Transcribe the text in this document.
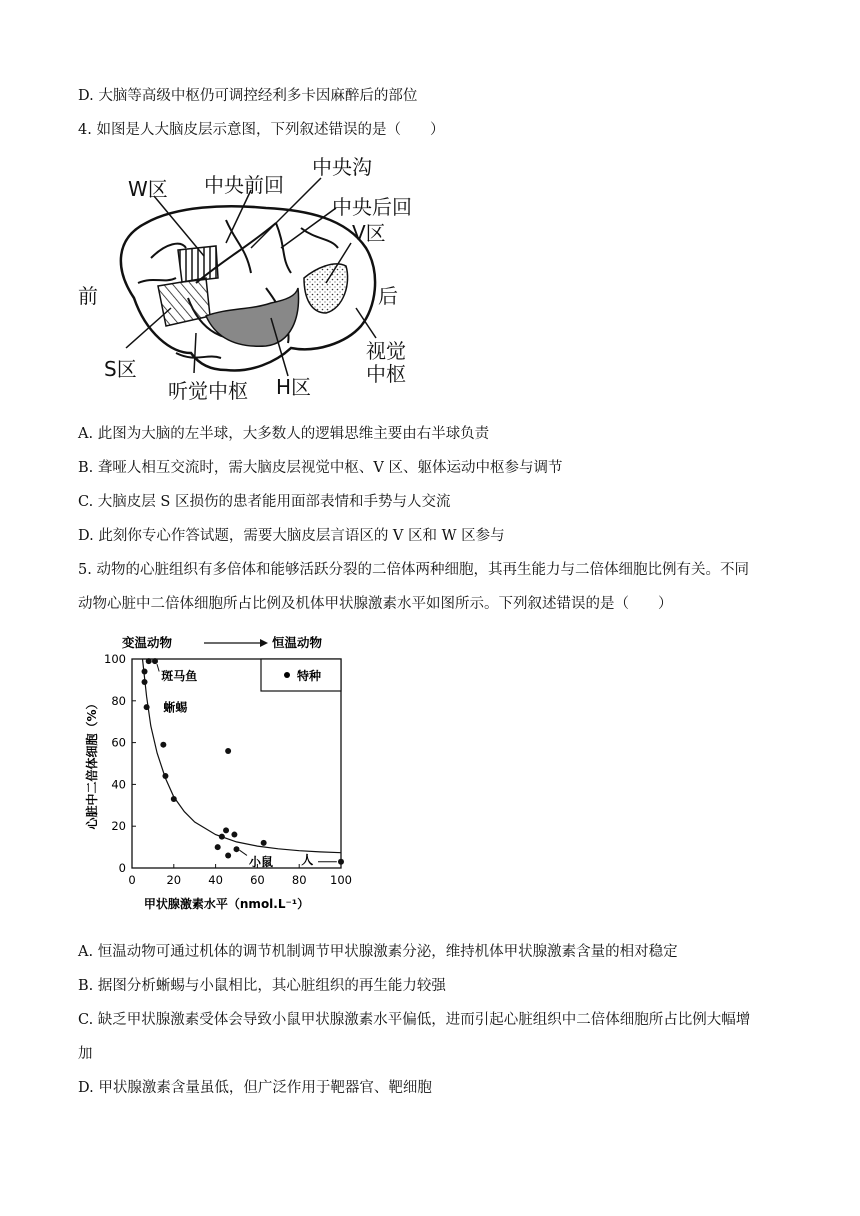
D. 大脑等高级中枢仍可调控经利多卡因麻醉后的部位
4. 如图是人大脑皮层示意图，下列叙述错误的是（　　）
W区 中央前回
中央沟
中央后回
V区
前	后
视觉
中枢
S区
听觉中枢 H区
A. 此图为大脑的左半球，大多数人的逻辑思维主要由右半球负责
B. 聋哑人相互交流时，需大脑皮层视觉中枢、V 区、躯体运动中枢参与调节
C. 大脑皮层 S 区损伤的患者能用面部表情和手势与人交流
D. 此刻你专心作答试题，需要大脑皮层言语区的 V 区和 W 区参与
5. 动物的心脏组织有多倍体和能够活跃分裂的二倍体两种细胞，其再生能力与二倍体细胞比例有关。不同
动物心脏中二倍体细胞所占比例及机体甲状腺激素水平如图所示。下列叙述错误的是（　　）
特种
变温动物	恒温动物
0	20 40 60 80 100
0
20
40
60
80
100
甲状腺激素水平（nmol.L⁻¹）
心脏中二倍体细胞（%）
斑马鱼
蜥蜴
小鼠 人
A. 恒温动物可通过机体的调节机制调节甲状腺激素分泌，维持机体甲状腺激素含量的相对稳定
B. 据图分析蜥蜴与小鼠相比，其心脏组织的再生能力较强
C. 缺乏甲状腺激素受体会导致小鼠甲状腺激素水平偏低，进而引起心脏组织中二倍体细胞所占比例大幅增
加
D. 甲状腺激素含量虽低，但广泛作用于靶器官、靶细胞
